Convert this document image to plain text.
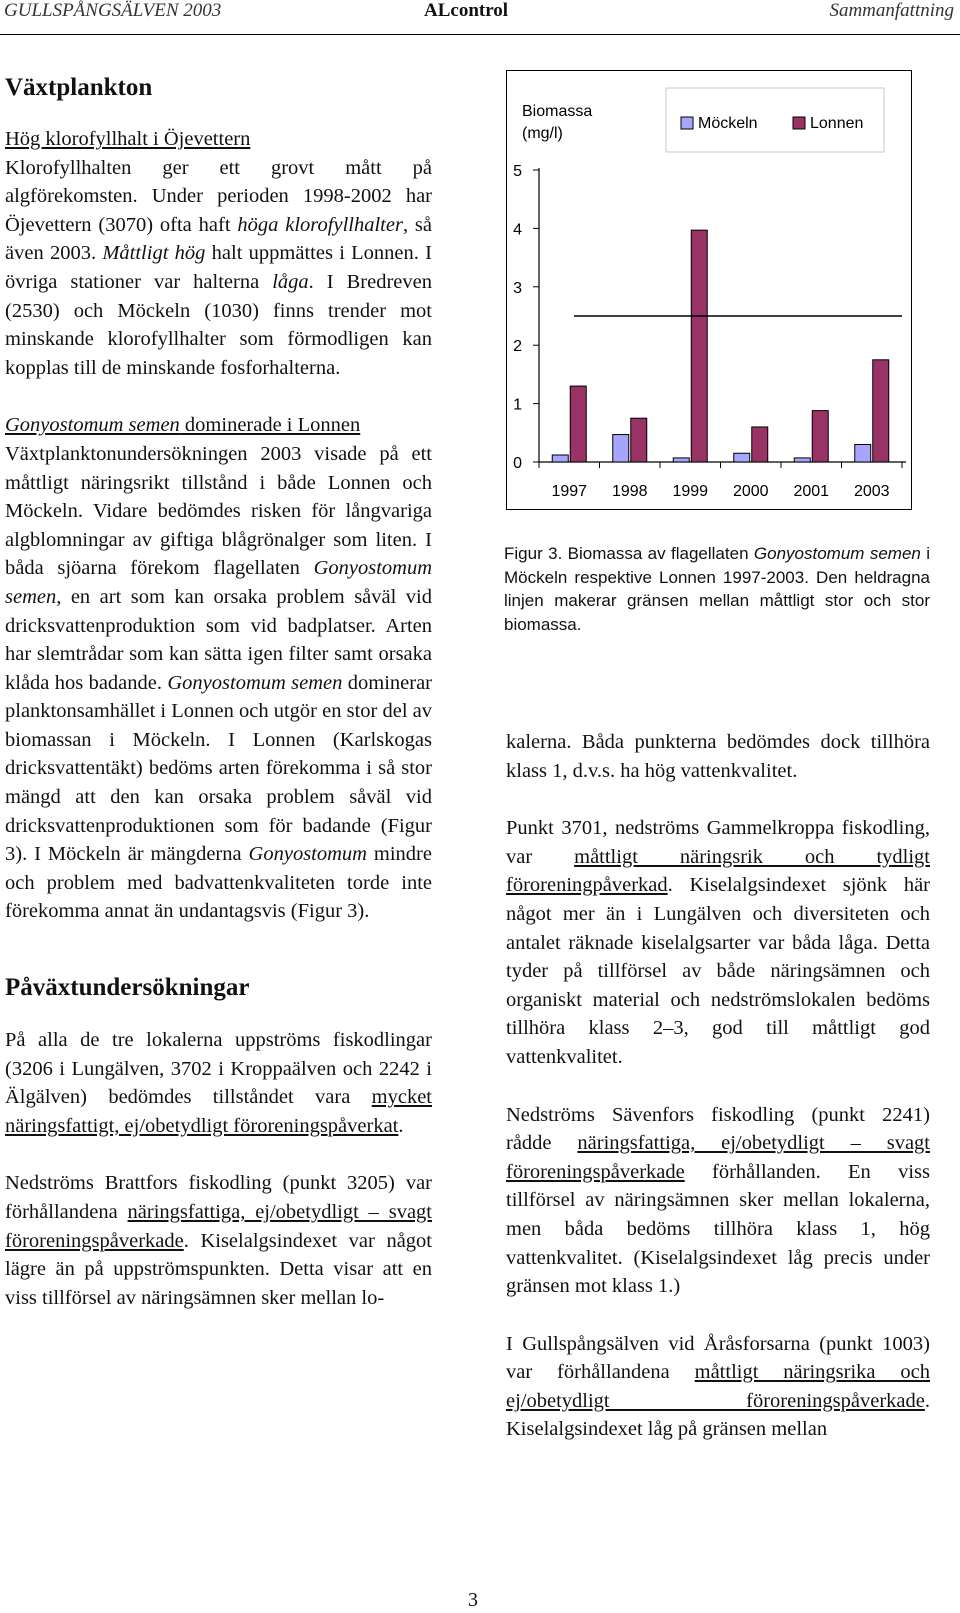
GULLSPÅNGSÄLVEN 2003	ALcontrol	Sammanfattning
Växtplankton

Hög klorofyllhalt i Öjevettern

Klorofyllhalten ger ett grovt mått på algförekomsten. Under perioden 1998-2002 har Öjevettern (3070) ofta haft höga klorofyllhalter, så även 2003. Måttligt hög halt uppmättes i Lonnen. I övriga stationer var halterna låga. I Bredreven (2530) och Möckeln (1030) finns trender mot minskande klorofyllhalter som förmodligen kan kopplas till de minskande fosforhalterna.

Gonyostomum semen dominerade i Lonnen

Växtplanktonundersökningen 2003 visade på ett måttligt näringsrikt tillstånd i både Lonnen och Möckeln. Vidare bedömdes risken för långvariga algblomningar av giftiga blågrönalger som liten. I båda sjöarna förekom flagellaten Gonyostomum semen, en art som kan orsaka problem såväl vid dricksvattenproduktion som vid badplatser. Arten har slemtrådar som kan sätta igen filter samt orsaka klåda hos badande. Gonyostomum semen dominerar planktonsamhället i Lonnen och utgör en stor del av biomassan i Möckeln. I Lonnen (Karlskogas dricksvattentäkt) bedöms arten förekomma i så stor mängd att den kan orsaka problem såväl vid dricksvattenproduktionen som för badande (Figur 3). I Möckeln är mängderna Gonyostomum mindre och problem med badvattenkvaliteten torde inte förekomma annat än undantagsvis (Figur 3).

Påväxtundersökningar

På alla de tre lokalerna uppströms fiskodlingar (3206 i Lungälven, 3702 i Kroppaälven och 2242 i Älgälven) bedömdes tillståndet vara mycket näringsfattigt, ej/obetydligt föroreningspåverkat.

Nedströms Brattfors fiskodling (punkt 3205) var förhållandena näringsfattiga, ej/obetydligt – svagt föroreningspåverkade. Kiselalgsindexet var något lägre än på uppströmspunkten. Detta visar att en viss tillförsel av näringsämnen sker mellan lo-

Biomassa (mg/l)
Möckeln	Lonnen
0
1
2
3
4
5
1997 1998 1999 2000 2001 2003
Figur 3. Biomassa av flagellaten Gonyostomum semen i Möckeln respektive Lonnen 1997-2003. Den heldragna linjen makerar gränsen mellan måttligt stor och stor biomassa.

kalerna. Båda punkterna bedömdes dock tillhöra klass 1, d.v.s. ha hög vattenkvalitet.

Punkt 3701, nedströms Gammelkroppa fiskodling, var måttligt näringsrik och tydligt föroreningpåverkad. Kiselalgsindexet sjönk här något mer än i Lungälven och diversiteten och antalet räknade kiselalgsarter var båda låga. Detta tyder på tillförsel av både näringsämnen och organiskt material och nedströmslokalen bedöms tillhöra klass 2–3, god till måttligt god vattenkvalitet.

Nedströms Sävenfors fiskodling (punkt 2241) rådde näringsfattiga, ej/obetydligt – svagt föroreningspåverkade förhållanden. En viss tillförsel av näringsämnen sker mellan lokalerna, men båda bedöms tillhöra klass 1, hög vattenkvalitet. (Kiselalgsindexet låg precis under gränsen mot klass 1.)

I Gullspångsälven vid Åråsforsarna (punkt 1003) var förhållandena måttligt näringsrika och ej/obetydligt föroreningspåverkade. Kiselalgsindexet låg på gränsen mellan

3
